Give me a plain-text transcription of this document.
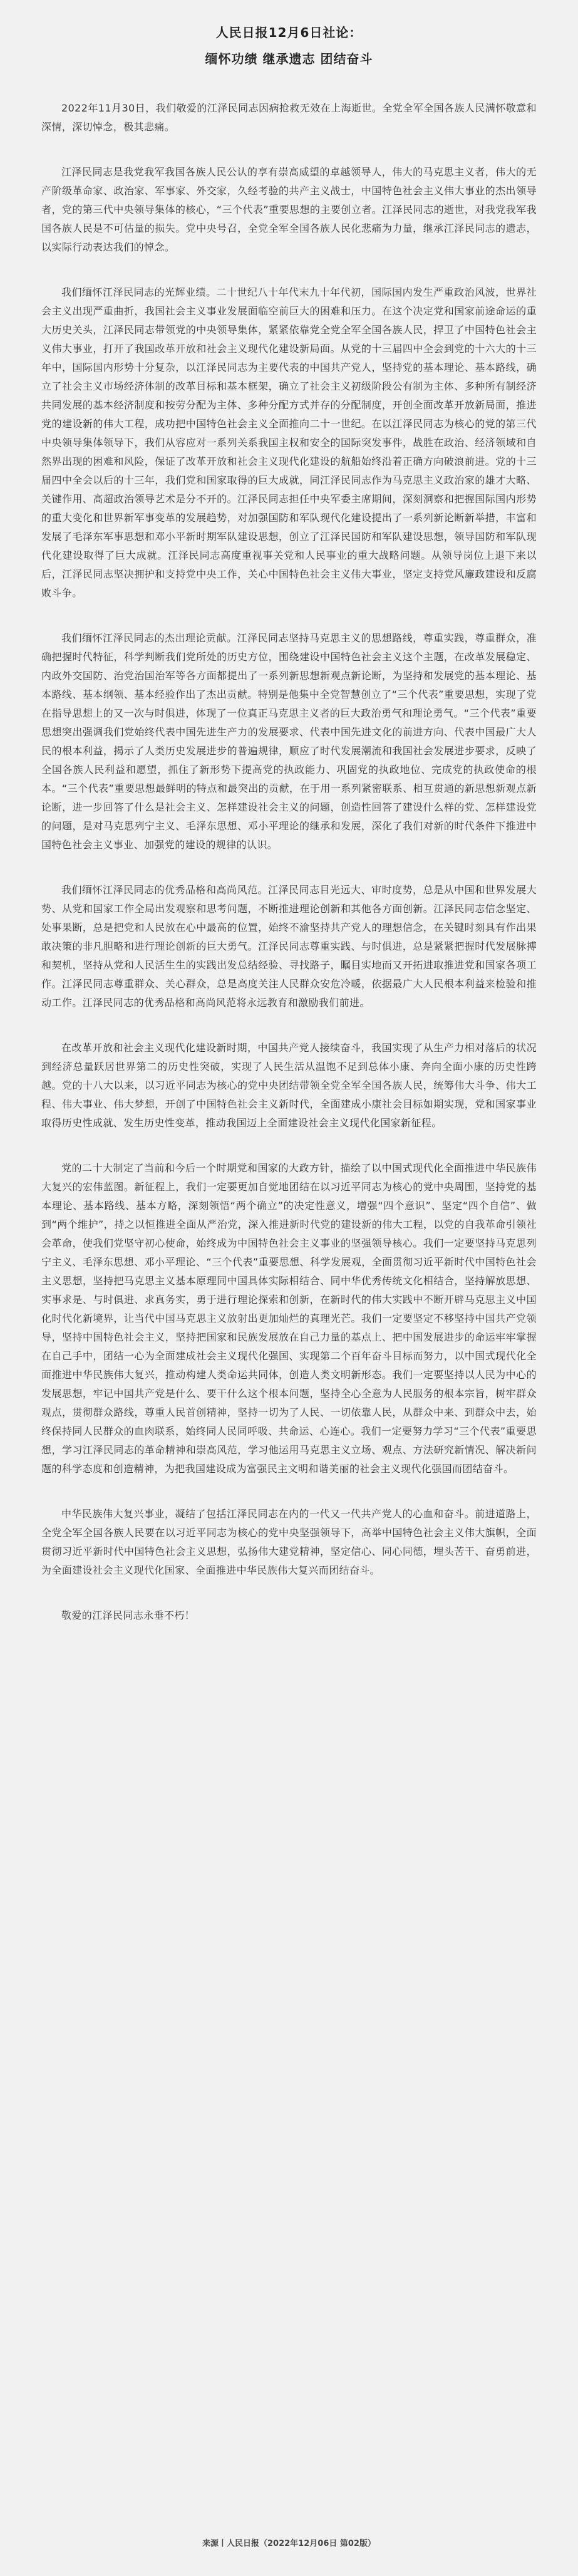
人民日报12月6日社论：
缅怀功绩 继承遗志 团结奋斗

2022年11月30日，我们敬爱的江泽民同志因病抢救无效在上海逝世。全党全军全国各族人民满怀敬意和深情，深切悼念，极其悲痛。

江泽民同志是我党我军我国各族人民公认的享有崇高威望的卓越领导人，伟大的马克思主义者，伟大的无产阶级革命家、政治家、军事家、外交家，久经考验的共产主义战士，中国特色社会主义伟大事业的杰出领导者，党的第三代中央领导集体的核心，“三个代表”重要思想的主要创立者。江泽民同志的逝世，对我党我军我国各族人民是不可估量的损失。党中央号召，全党全军全国各族人民化悲痛为力量，继承江泽民同志的遗志，以实际行动表达我们的悼念。

我们缅怀江泽民同志的光辉业绩。二十世纪八十年代末九十年代初，国际国内发生严重政治风波，世界社会主义出现严重曲折，我国社会主义事业发展面临空前巨大的困难和压力。在这个决定党和国家前途命运的重大历史关头，江泽民同志带领党的中央领导集体，紧紧依靠党全党全军全国各族人民，捍卫了中国特色社会主义伟大事业，打开了我国改革开放和社会主义现代化建设新局面。从党的十三届四中全会到党的十六大的十三年中，国际国内形势十分复杂，以江泽民同志为主要代表的中国共产党人，坚持党的基本理论、基本路线，确立了社会主义市场经济体制的改革目标和基本框架，确立了社会主义初级阶段公有制为主体、多种所有制经济共同发展的基本经济制度和按劳分配为主体、多种分配方式并存的分配制度，开创全面改革开放新局面，推进党的建设新的伟大工程，成功把中国特色社会主义全面推向二十一世纪。在以江泽民同志为核心的党的第三代中央领导集体领导下，我们从容应对一系列关系我国主权和安全的国际突发事件，战胜在政治、经济领域和自然界出现的困难和风险，保证了改革开放和社会主义现代化建设的航船始终沿着正确方向破浪前进。党的十三届四中全会以后的十三年，我们党和国家取得的巨大成就，同江泽民同志作为马克思主义政治家的雄才大略、关键作用、高超政治领导艺术是分不开的。江泽民同志担任中央军委主席期间，深刻洞察和把握国际国内形势的重大变化和世界新军事变革的发展趋势，对加强国防和军队现代化建设提出了一系列新论断新举措，丰富和发展了毛泽东军事思想和邓小平新时期军队建设思想，创立了江泽民国防和军队建设思想，领导国防和军队现代化建设取得了巨大成就。江泽民同志高度重视事关党和人民事业的重大战略问题。从领导岗位上退下来以后，江泽民同志坚决拥护和支持党中央工作，关心中国特色社会主义伟大事业，坚定支持党风廉政建设和反腐败斗争。

我们缅怀江泽民同志的杰出理论贡献。江泽民同志坚持马克思主义的思想路线，尊重实践，尊重群众，准确把握时代特征，科学判断我们党所处的历史方位，围绕建设中国特色社会主义这个主题，在改革发展稳定、内政外交国防、治党治国治军等各方面都提出了一系列新思想新观点新论断，为坚持和发展党的基本理论、基本路线、基本纲领、基本经验作出了杰出贡献。特别是他集中全党智慧创立了“三个代表”重要思想，实现了党在指导思想上的又一次与时俱进，体现了一位真正马克思主义者的巨大政治勇气和理论勇气。“三个代表”重要思想突出强调我们党始终代表中国先进生产力的发展要求、代表中国先进文化的前进方向、代表中国最广大人民的根本利益，揭示了人类历史发展进步的普遍规律，顺应了时代发展潮流和我国社会发展进步要求，反映了全国各族人民利益和愿望，抓住了新形势下提高党的执政能力、巩固党的执政地位、完成党的执政使命的根本。“三个代表”重要思想最鲜明的特点和最突出的贡献，在于用一系列紧密联系、相互贯通的新思想新观点新论断，进一步回答了什么是社会主义、怎样建设社会主义的问题，创造性回答了建设什么样的党、怎样建设党的问题，是对马克思列宁主义、毛泽东思想、邓小平理论的继承和发展，深化了我们对新的时代条件下推进中国特色社会主义事业、加强党的建设的规律的认识。

我们缅怀江泽民同志的优秀品格和高尚风范。江泽民同志目光远大、审时度势，总是从中国和世界发展大势、从党和国家工作全局出发观察和思考问题，不断推进理论创新和其他各方面创新。江泽民同志信念坚定、处事果断，总是把党和人民放在心中最高的位置，始终不渝坚持共产党人的理想信念，在关键时刻具有作出果敢决策的非凡胆略和进行理论创新的巨大勇气。江泽民同志尊重实践、与时俱进，总是紧紧把握时代发展脉搏和契机，坚持从党和人民活生生的实践出发总结经验、寻找路子，瞩目实地而又开拓进取推进党和国家各项工作。江泽民同志尊重群众、关心群众，总是高度关注人民群众安危冷暖，依据最广大人民根本利益来检验和推动工作。江泽民同志的优秀品格和高尚风范将永远教育和激励我们前进。

在改革开放和社会主义现代化建设新时期，中国共产党人接续奋斗，我国实现了从生产力相对落后的状况到经济总量跃居世界第二的历史性突破，实现了人民生活从温饱不足到总体小康、奔向全面小康的历史性跨越。党的十八大以来，以习近平同志为核心的党中央团结带领全党全军全国各族人民，统筹伟大斗争、伟大工程、伟大事业、伟大梦想，开创了中国特色社会主义新时代，全面建成小康社会目标如期实现，党和国家事业取得历史性成就、发生历史性变革，推动我国迈上全面建设社会主义现代化国家新征程。

党的二十大制定了当前和今后一个时期党和国家的大政方针，描绘了以中国式现代化全面推进中华民族伟大复兴的宏伟蓝图。新征程上，我们一定要更加自觉地团结在以习近平同志为核心的党中央周围，坚持党的基本理论、基本路线、基本方略，深刻领悟“两个确立”的决定性意义，增强“四个意识”、坚定“四个自信”、做到“两个维护”，持之以恒推进全面从严治党，深入推进新时代党的建设新的伟大工程，以党的自我革命引领社会革命，使我们党坚守初心使命，始终成为中国特色社会主义事业的坚强领导核心。我们一定要坚持马克思列宁主义、毛泽东思想、邓小平理论、“三个代表”重要思想、科学发展观，全面贯彻习近平新时代中国特色社会主义思想，坚持把马克思主义基本原理同中国具体实际相结合、同中华优秀传统文化相结合，坚持解放思想、实事求是、与时俱进、求真务实，勇于进行理论探索和创新，在新时代的伟大实践中不断开辟马克思主义中国化时代化新境界，让当代中国马克思主义放射出更加灿烂的真理光芒。我们一定要坚定不移坚持中国共产党领导，坚持中国特色社会主义，坚持把国家和民族发展放在自己力量的基点上、把中国发展进步的命运牢牢掌握在自己手中，团结一心为全面建成社会主义现代化强国、实现第二个百年奋斗目标而努力，以中国式现代化全面推进中华民族伟大复兴，推动构建人类命运共同体，创造人类文明新形态。我们一定要坚持以人民为中心的发展思想，牢记中国共产党是什么、要干什么这个根本问题，坚持全心全意为人民服务的根本宗旨，树牢群众观点，贯彻群众路线，尊重人民首创精神，坚持一切为了人民、一切依靠人民，从群众中来、到群众中去，始终保持同人民群众的血肉联系，始终同人民同呼吸、共命运、心连心。我们一定要努力学习“三个代表”重要思想，学习江泽民同志的革命精神和崇高风范，学习他运用马克思主义立场、观点、方法研究新情况、解决新问题的科学态度和创造精神，为把我国建设成为富强民主文明和谐美丽的社会主义现代化强国而团结奋斗。

中华民族伟大复兴事业，凝结了包括江泽民同志在内的一代又一代共产党人的心血和奋斗。前进道路上，全党全军全国各族人民要在以习近平同志为核心的党中央坚强领导下，高举中国特色社会主义伟大旗帜，全面贯彻习近平新时代中国特色社会主义思想，弘扬伟大建党精神，坚定信心、同心同德，埋头苦干、奋勇前进，为全面建设社会主义现代化国家、全面推进中华民族伟大复兴而团结奋斗。

敬爱的江泽民同志永垂不朽！

来源丨人民日报（2022年12月06日 第02版）
